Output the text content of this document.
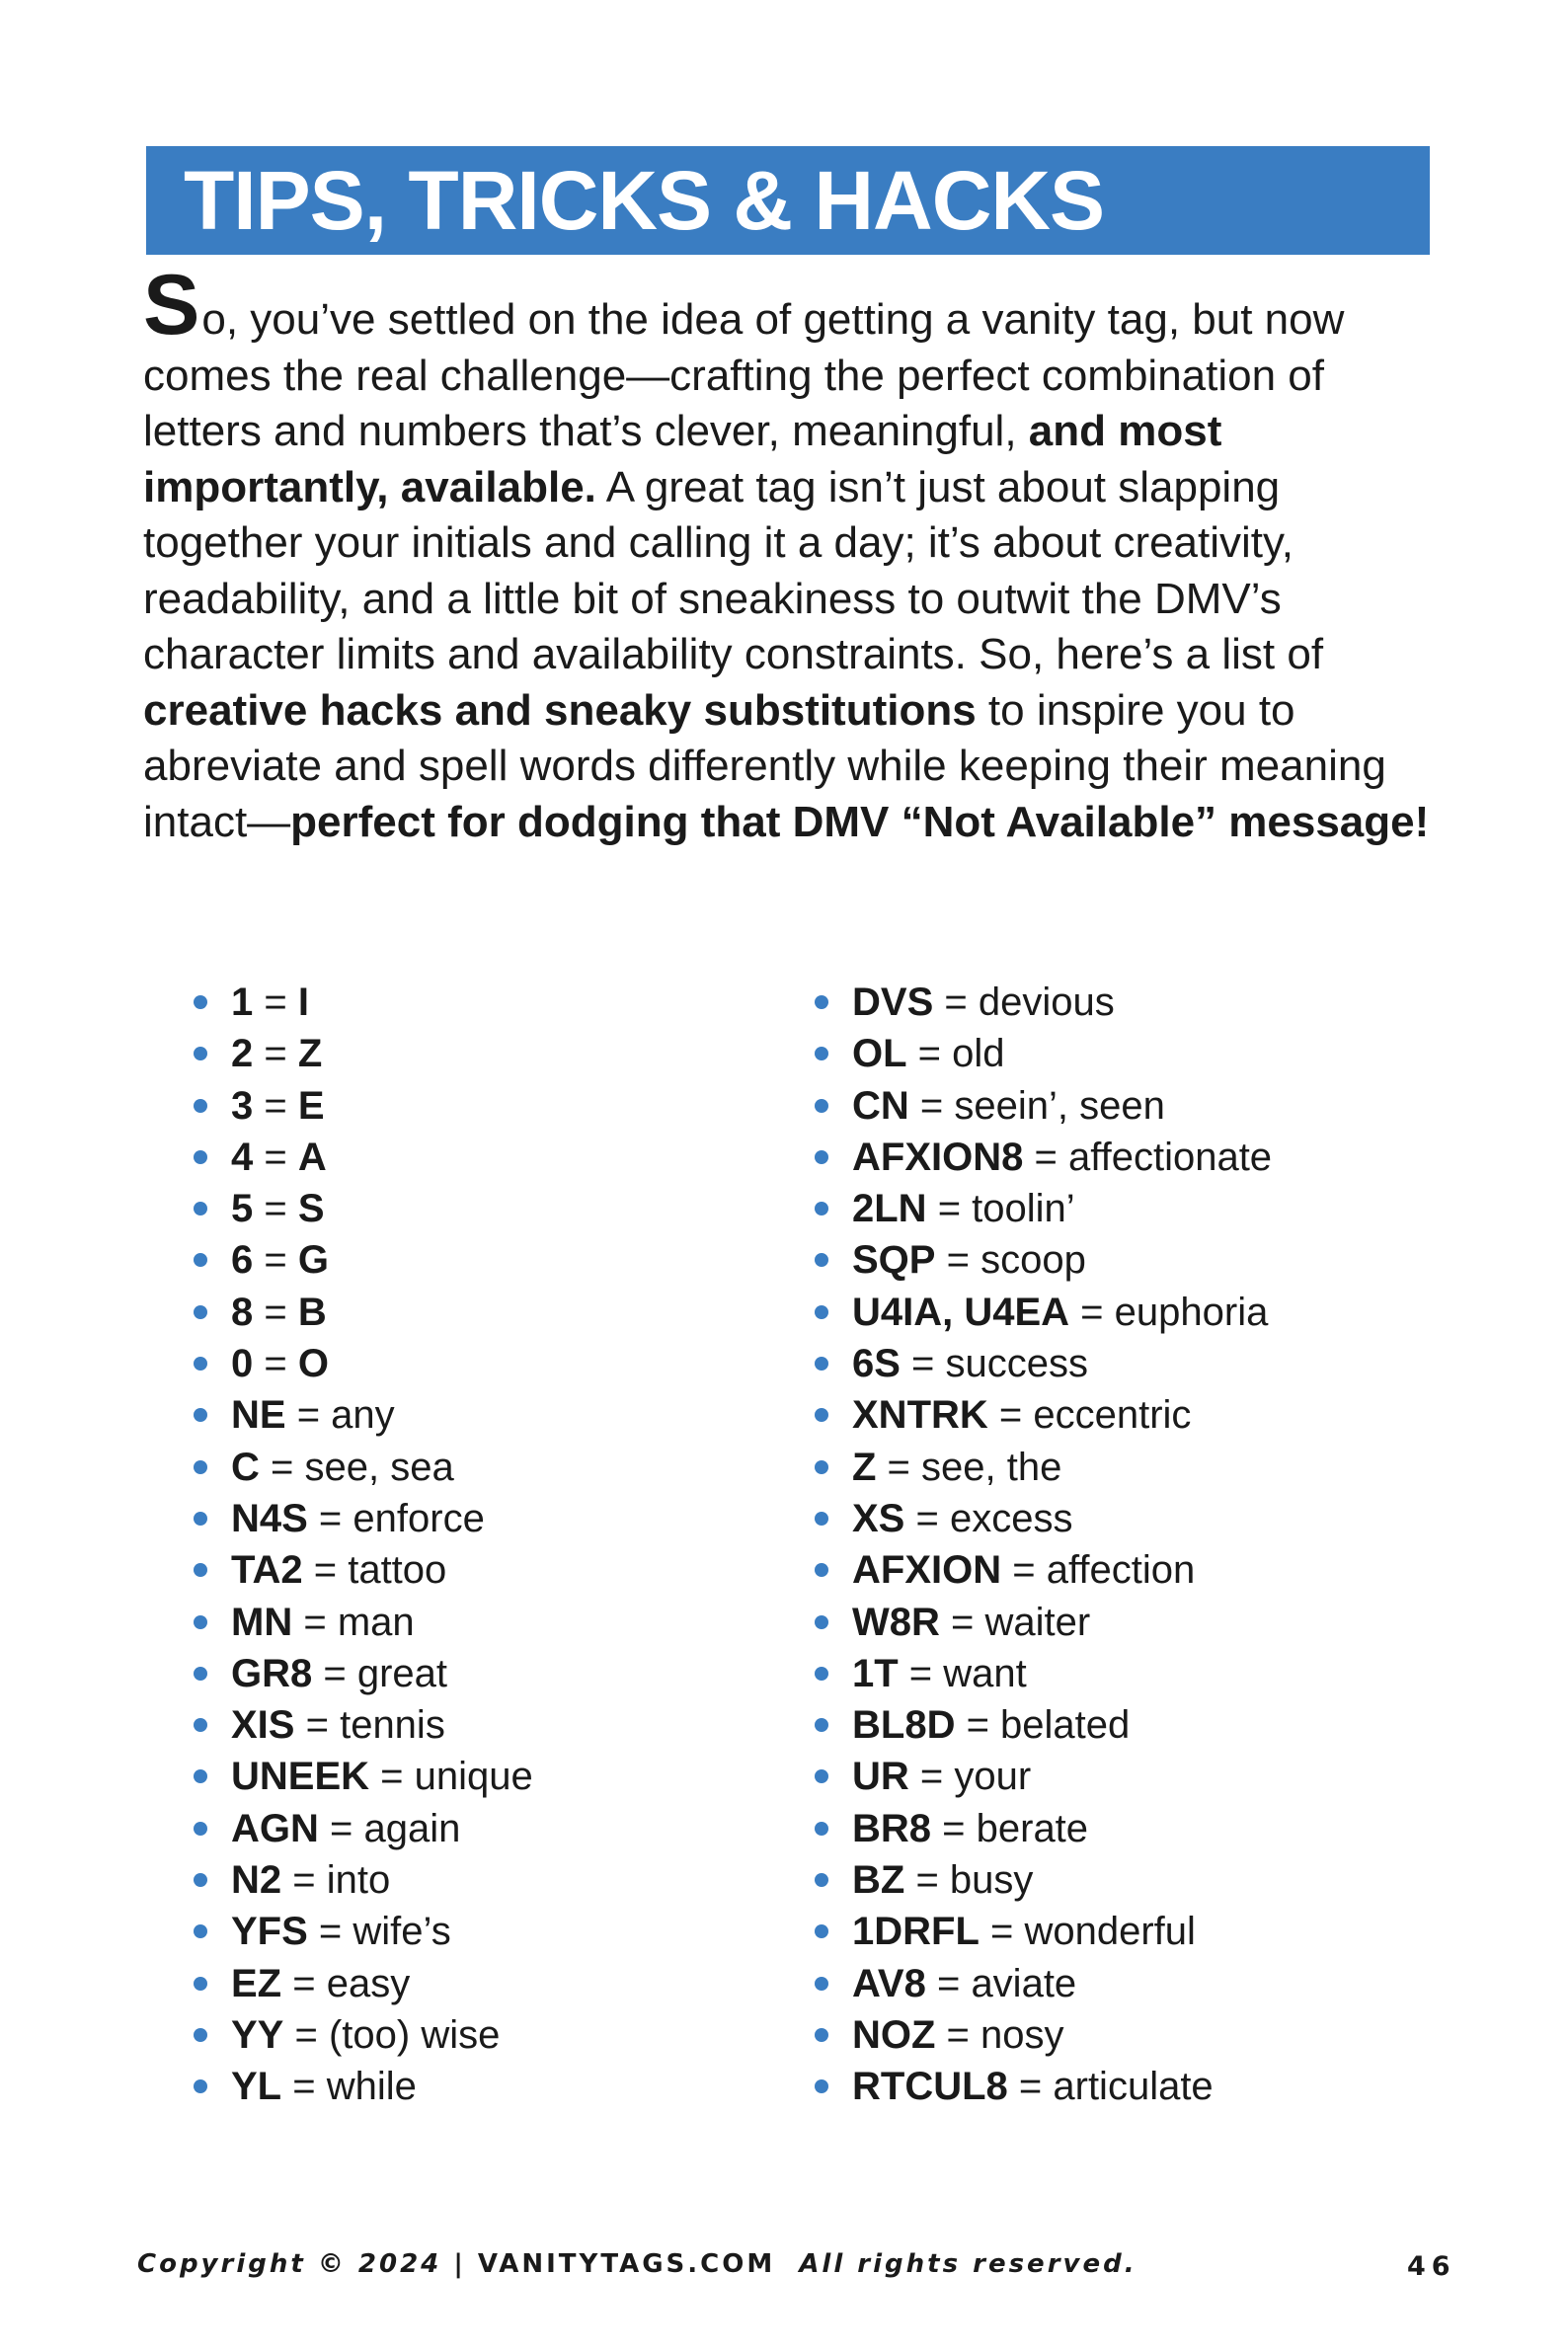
TIPS, TRICKS & HACKS

So, you’ve settled on the idea of getting a vanity tag, but now comes the real challenge—crafting the perfect combination of letters and numbers that’s clever, meaningful, and most importantly, available. A great tag isn’t just about slapping together your initials and calling it a day; it’s about creativity, readability, and a little bit of sneakiness to outwit the DMV’s character limits and availability constraints. So, here’s a list of creative hacks and sneaky substitutions to inspire you to abreviate and spell words differently while keeping their meaning intact—perfect for dodging that DMV “Not Available” message!

1 = I
2 = Z
3 = E
4 = A
5 = S
6 = G
8 = B
0 = O
NE = any
C = see, sea
N4S = enforce
TA2 = tattoo
MN = man
GR8 = great
XIS = tennis
UNEEK = unique
AGN = again
N2 = into
YFS = wife’s
EZ = easy
YY = (too) wise
YL = while
DVS = devious
OL = old
CN = seein’, seen
AFXION8 = affectionate
2LN = toolin’
SQP = scoop
U4IA, U4EA = euphoria
6S = success
XNTRK = eccentric
Z = see, the
XS = excess
AFXION = affection
W8R = waiter
1T = want
BL8D = belated
UR = your
BR8 = berate
BZ = busy
1DRFL = wonderful
AV8 = aviate
NOZ = nosy
RTCUL8 = articulate
Copyright © 2024 | VANITYTAGS.COM All rights reserved.	46
